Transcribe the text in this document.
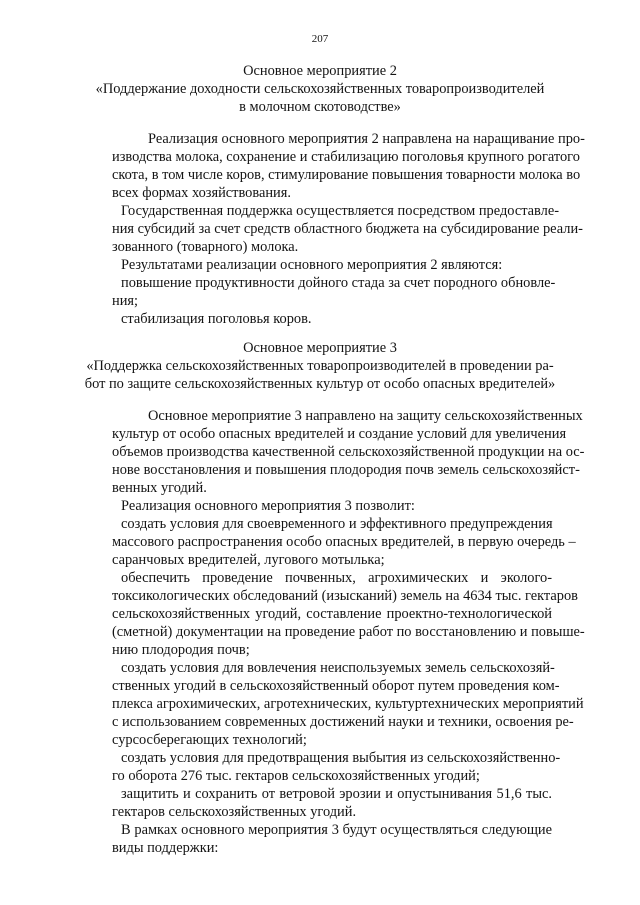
207
Основное мероприятие 2
«Поддержание доходности сельскохозяйственных товаропроизводителей
в молочном скотоводстве»
Реализация основного мероприятия 2 направлена на наращивание про-
изводства молока, сохранение и стабилизацию поголовья крупного рогатого
скота, в том числе коров, стимулирование повышения товарности молока во
всех формах хозяйствования.
Государственная поддержка осуществляется посредством предоставле-
ния субсидий за счет средств областного бюджета на субсидирование реали-
зованного (товарного) молока.
Результатами реализации основного мероприятия 2 являются:
повышение продуктивности дойного стада за счет породного обновле-
ния;
стабилизация поголовья коров.
Основное мероприятие 3
«Поддержка сельскохозяйственных товаропроизводителей в проведении ра-
бот по защите сельскохозяйственных культур от особо опасных вредителей»
Основное мероприятие 3 направлено на защиту сельскохозяйственных
культур от особо опасных вредителей и создание условий для увеличения
объемов производства качественной сельскохозяйственной продукции на ос-
нове восстановления и повышения плодородия почв земель сельскохозяйст-
венных угодий.
Реализация основного мероприятия 3 позволит:
создать условия для своевременного и эффективного предупреждения
массового распространения особо опасных вредителей, в первую очередь –
саранчовых вредителей, лугового мотылька;
обеспечить проведение почвенных, агрохимических и эколого-
токсикологических обследований (изысканий) земель на 4634 тыс. гектаров
сельскохозяйственных угодий, составление проектно-технологической
(сметной) документации на проведение работ по восстановлению и повыше-
нию плодородия почв;
создать условия для вовлечения неиспользуемых земель сельскохозяй-
ственных угодий в сельскохозяйственный оборот путем проведения ком-
плекса агрохимических, агротехнических, культуртехнических мероприятий
с использованием современных достижений науки и техники, освоения ре-
сурсосберегающих технологий;
создать условия для предотвращения выбытия из сельскохозяйственно-
го оборота 276 тыс. гектаров сельскохозяйственных угодий;
защитить и сохранить от ветровой эрозии и опустынивания 51,6 тыс.
гектаров сельскохозяйственных угодий.
В рамках основного мероприятия 3 будут осуществляться следующие
виды поддержки:
